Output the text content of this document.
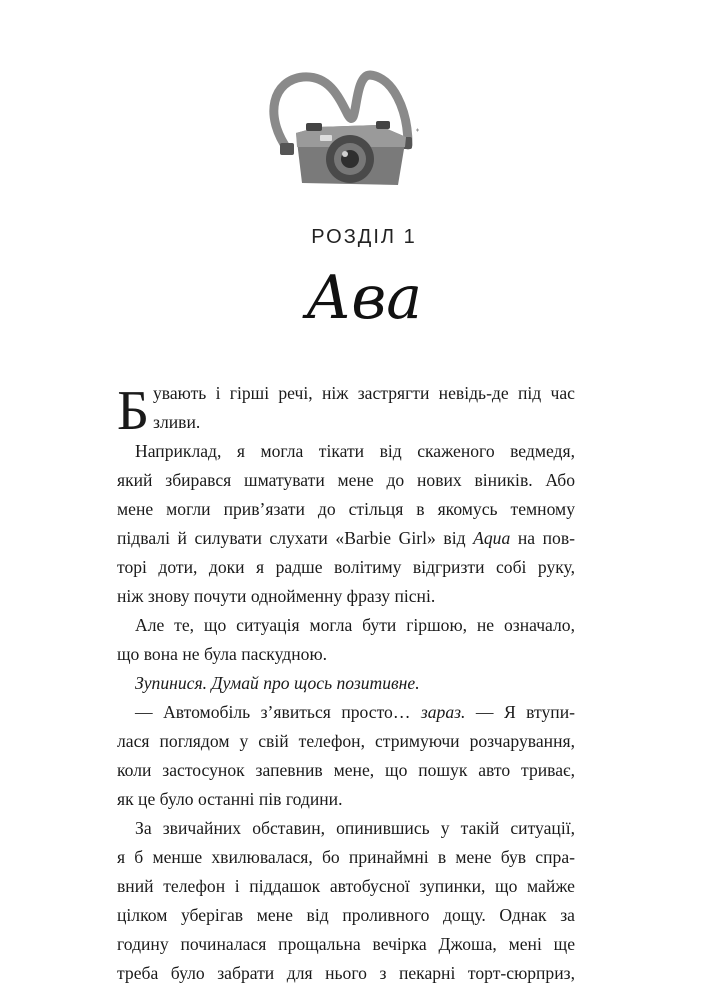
РОЗДІЛ 1
Ава
Б увають і гірші речі, ніж застрягти невідь-де під час
зливи.
Наприклад, я могла тікати від скаженого ведмедя,
який збирався шматувати мене до нових віників. Або
мене могли прив’язати до стільця в якомусь темному
підвалі й силувати слухати «Barbie Girl» від Aqua на пов-
торі доти, доки я радше волітиму відгризти собі руку,
ніж знову почути однойменну фразу пісні.
Але те, що ситуація могла бути гіршою, не означало,
що вона не була паскудною.
Зупинися. Думай про щось позитивне.
— Автомобіль з’явиться просто… зараз. — Я втупи-
лася поглядом у свій телефон, стримуючи розчарування,
коли застосунок запевнив мене, що пошук авто триває,
як це було останні пів години.
За звичайних обставин, опинившись у такій ситуації,
я б менше хвилювалася, бо принаймні в мене був спрa-
вний телефон і піддашок автобусної зупинки, що майже
цілком уберігав мене від проливного дощу. Однак за
годину починалася прощальна вечірка Джоша, мені ще
треба було забрати для нього з пекарні торт-сюрприз,
